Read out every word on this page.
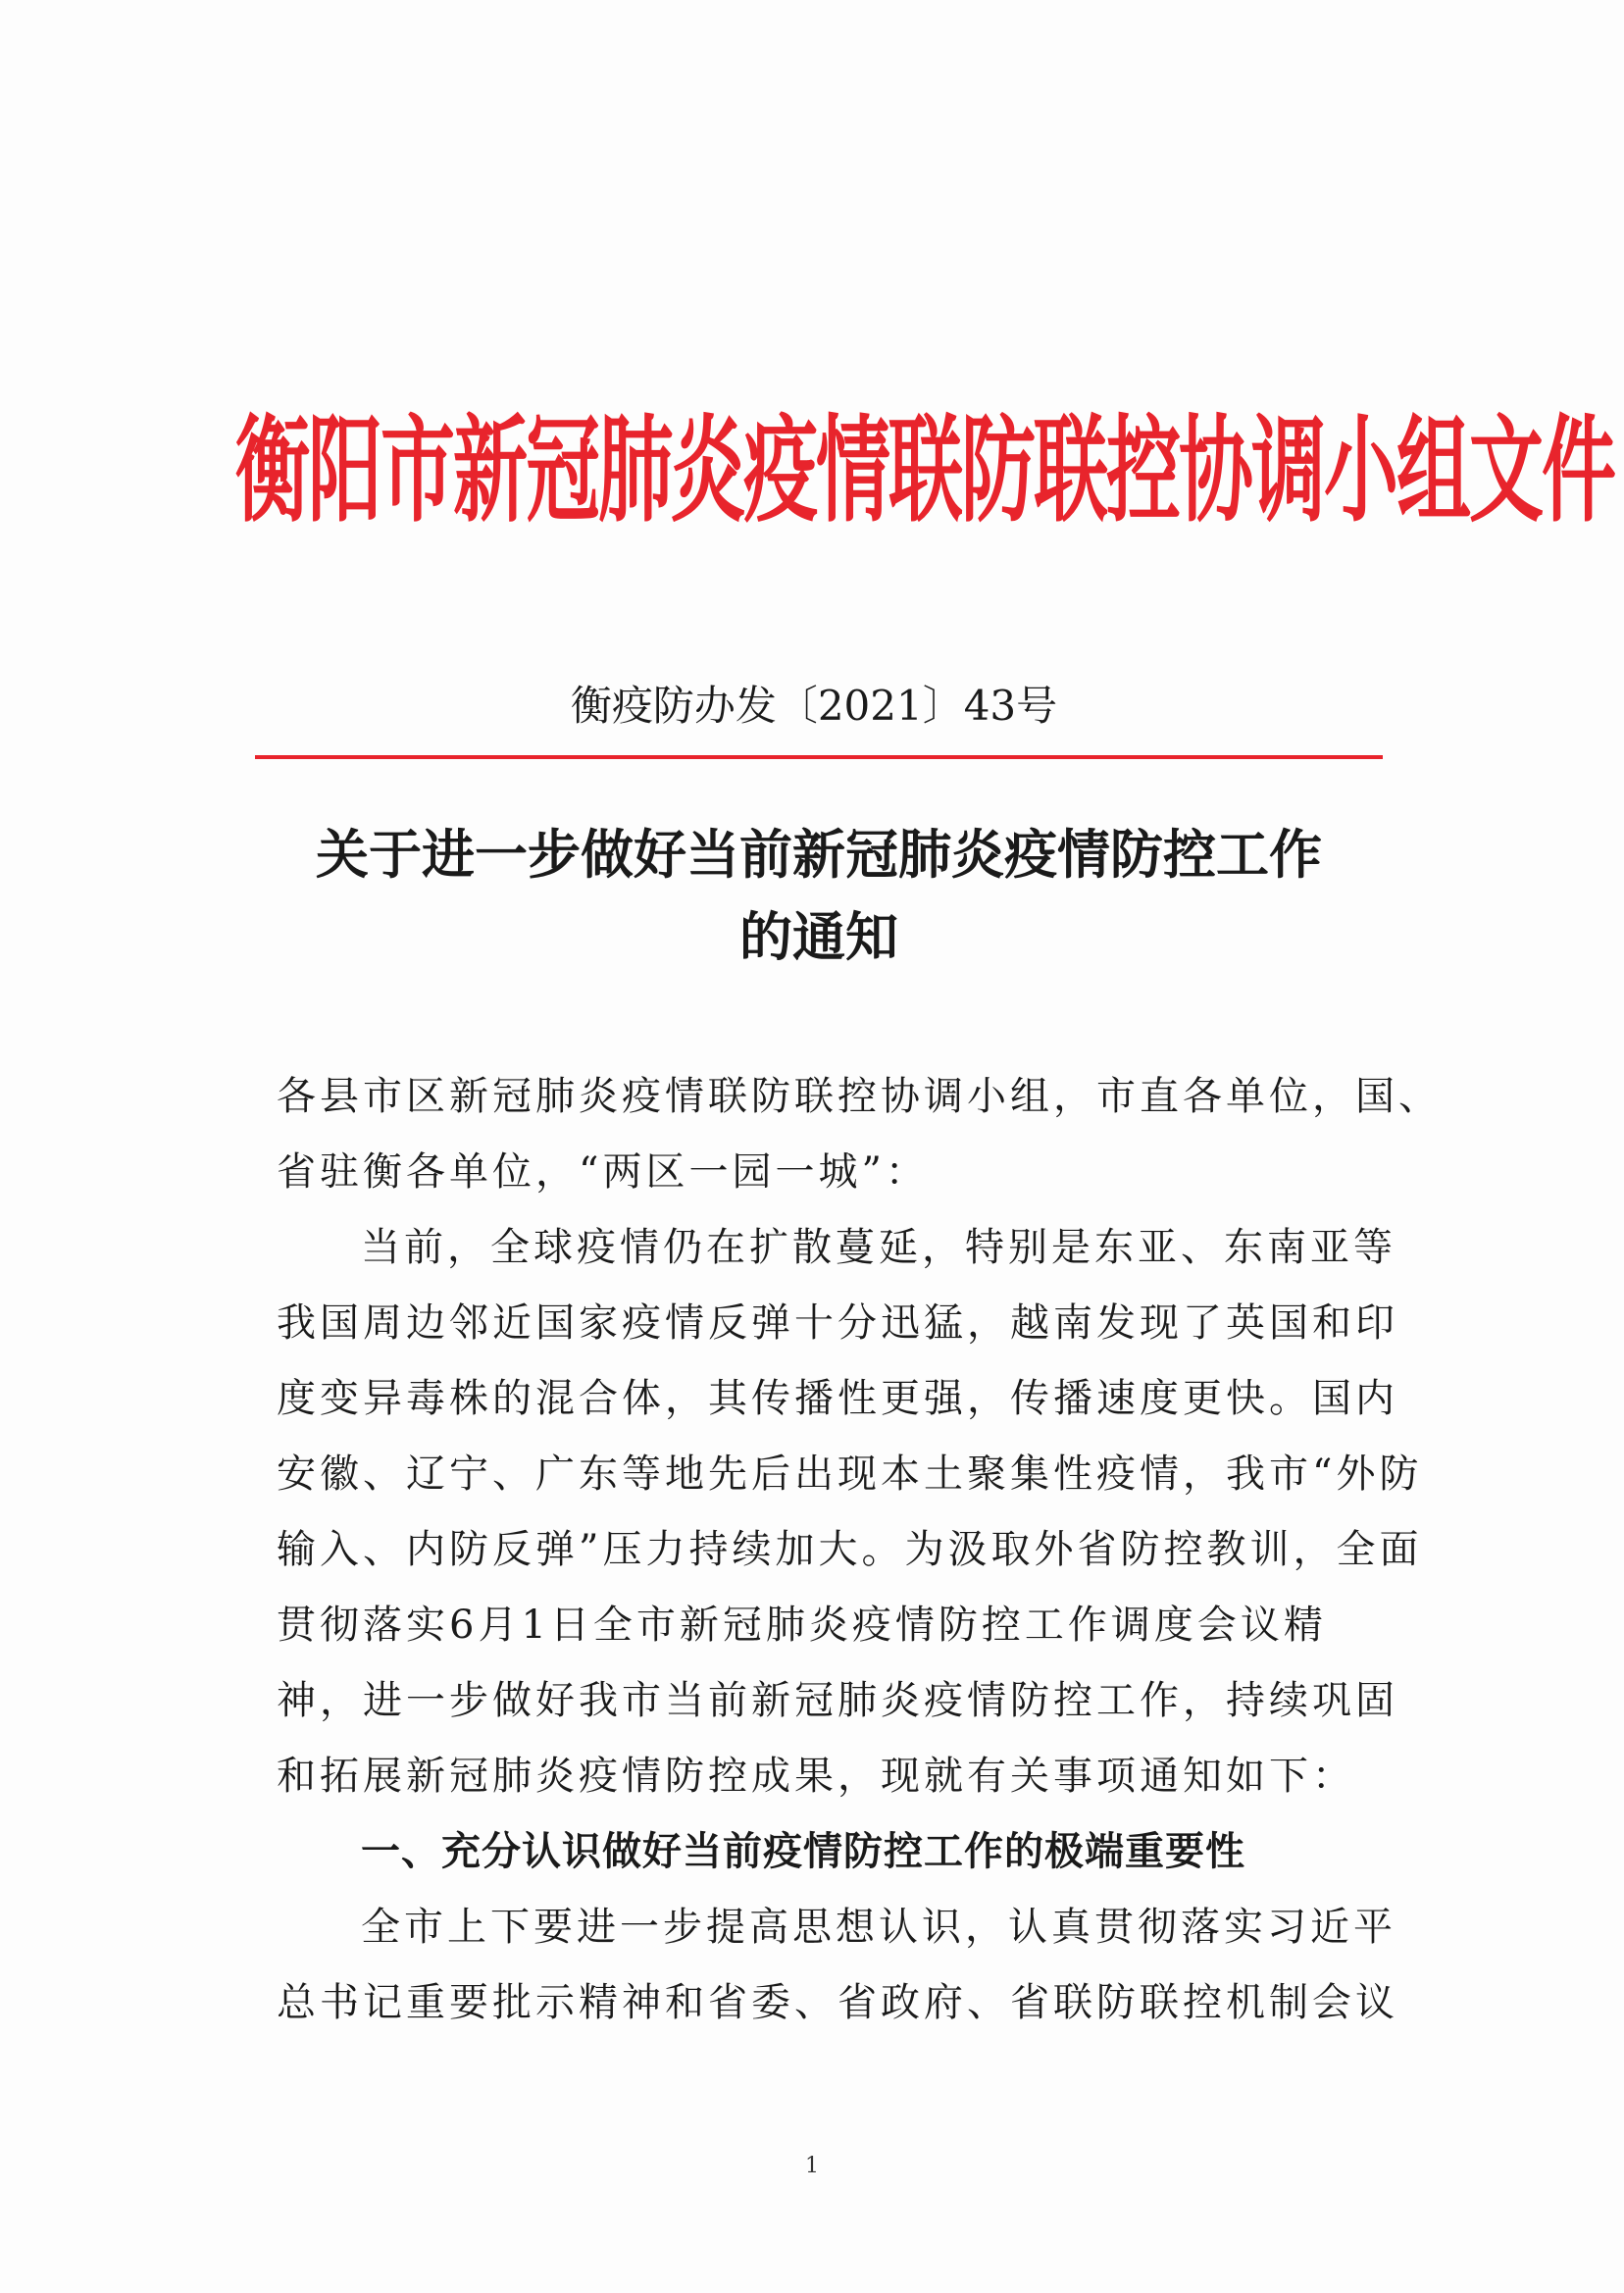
衡阳市新冠肺炎疫情联防联控协调小组文件
衡疫防办发〔2021〕43号
关于进一步做好当前新冠肺炎疫情防控工作
的通知
各县市区新冠肺炎疫情联防联控协调小组，市直各单位，国、
省驻衡各单位，“两区一园一城”：
当前，全球疫情仍在扩散蔓延，特别是东亚、东南亚等
我国周边邻近国家疫情反弹十分迅猛，越南发现了英国和印
度变异毒株的混合体，其传播性更强，传播速度更快。国内
安徽、辽宁、广东等地先后出现本土聚集性疫情，我市“外防
输入、内防反弹”压力持续加大。为汲取外省防控教训，全面
贯彻落实6月1日全市新冠肺炎疫情防控工作调度会议精
神，进一步做好我市当前新冠肺炎疫情防控工作，持续巩固
和拓展新冠肺炎疫情防控成果，现就有关事项通知如下：
一、充分认识做好当前疫情防控工作的极端重要性
全市上下要进一步提高思想认识，认真贯彻落实习近平
总书记重要批示精神和省委、省政府、省联防联控机制会议
1
